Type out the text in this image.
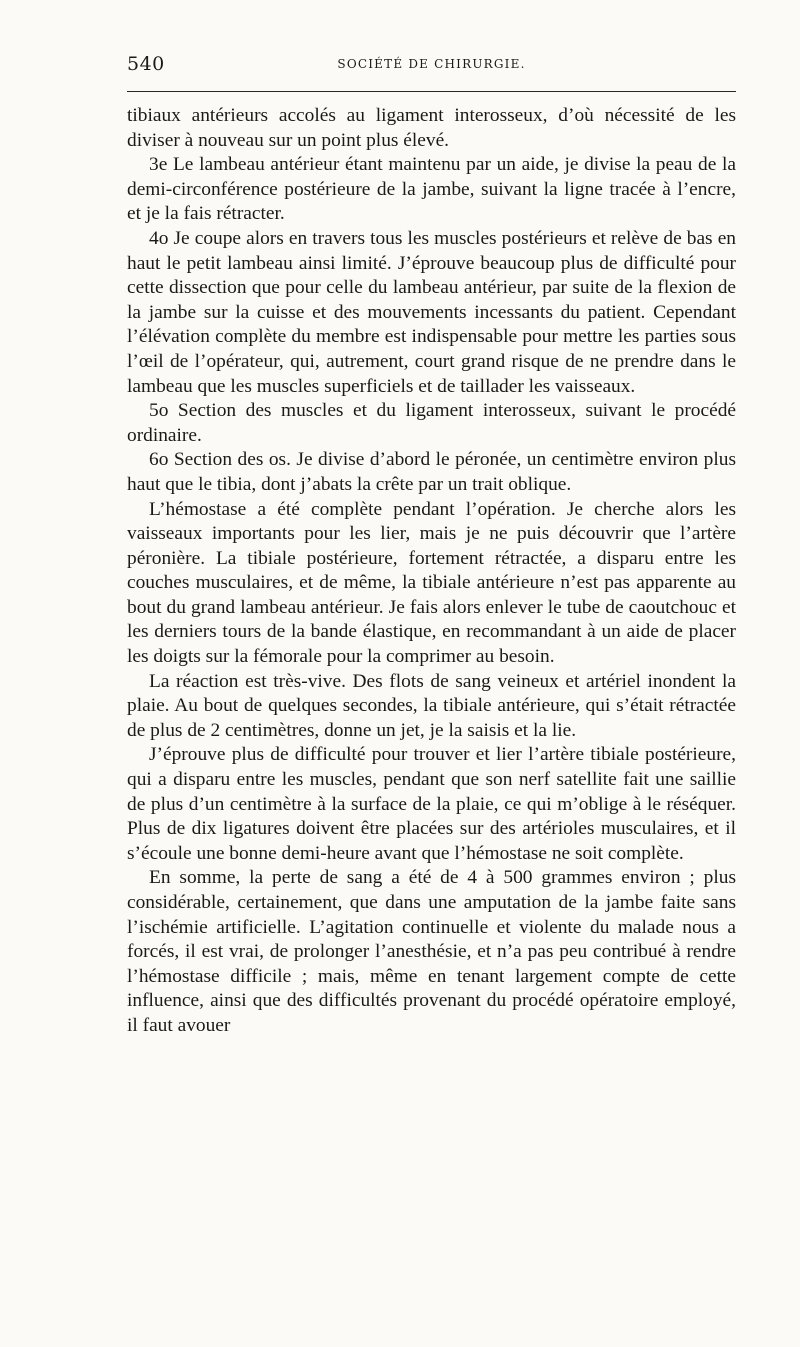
540	SOCIÉTÉ DE CHIRURGIE.

tibiaux antérieurs accolés au ligament interosseux, d’où nécessité de les diviser à nouveau sur un point plus élevé.

3e Le lambeau antérieur étant maintenu par un aide, je divise la peau de la demi-circonférence postérieure de la jambe, suivant la ligne tracée à l’encre, et je la fais rétracter.

4o Je coupe alors en travers tous les muscles postérieurs et relève de bas en haut le petit lambeau ainsi limité. J’éprouve beaucoup plus de difficulté pour cette dissection que pour celle du lambeau antérieur, par suite de la flexion de la jambe sur la cuisse et des mouvements incessants du patient. Cependant l’élévation complète du membre est indispensable pour mettre les parties sous l’œil de l’opérateur, qui, autrement, court grand risque de ne prendre dans le lambeau que les muscles superficiels et de taillader les vaisseaux.

5o Section des muscles et du ligament interosseux, suivant le procédé ordinaire.

6o Section des os. Je divise d’abord le péronée, un centimètre environ plus haut que le tibia, dont j’abats la crête par un trait oblique.

L’hémostase a été complète pendant l’opération. Je cherche alors les vaisseaux importants pour les lier, mais je ne puis découvrir que l’artère péronière. La tibiale postérieure, fortement rétractée, a disparu entre les couches musculaires, et de même, la tibiale antérieure n’est pas apparente au bout du grand lambeau antérieur. Je fais alors enlever le tube de caoutchouc et les derniers tours de la bande élastique, en recommandant à un aide de placer les doigts sur la fémorale pour la comprimer au besoin.

La réaction est très-vive. Des flots de sang veineux et artériel inondent la plaie. Au bout de quelques secondes, la tibiale antérieure, qui s’était rétractée de plus de 2 centimètres, donne un jet, je la saisis et la lie.

J’éprouve plus de difficulté pour trouver et lier l’artère tibiale postérieure, qui a disparu entre les muscles, pendant que son nerf satellite fait une saillie de plus d’un centimètre à la surface de la plaie, ce qui m’oblige à le réséquer. Plus de dix ligatures doivent être placées sur des artérioles musculaires, et il s’écoule une bonne demi-heure avant que l’hémostase ne soit complète.

En somme, la perte de sang a été de 4 à 500 grammes environ ; plus considérable, certainement, que dans une amputation de la jambe faite sans l’ischémie artificielle. L’agitation continuelle et violente du malade nous a forcés, il est vrai, de prolonger l’anesthésie, et n’a pas peu contribué à rendre l’hémostase difficile ; mais, même en tenant largement compte de cette influence, ainsi que des difficultés provenant du procédé opératoire employé, il faut avouer
